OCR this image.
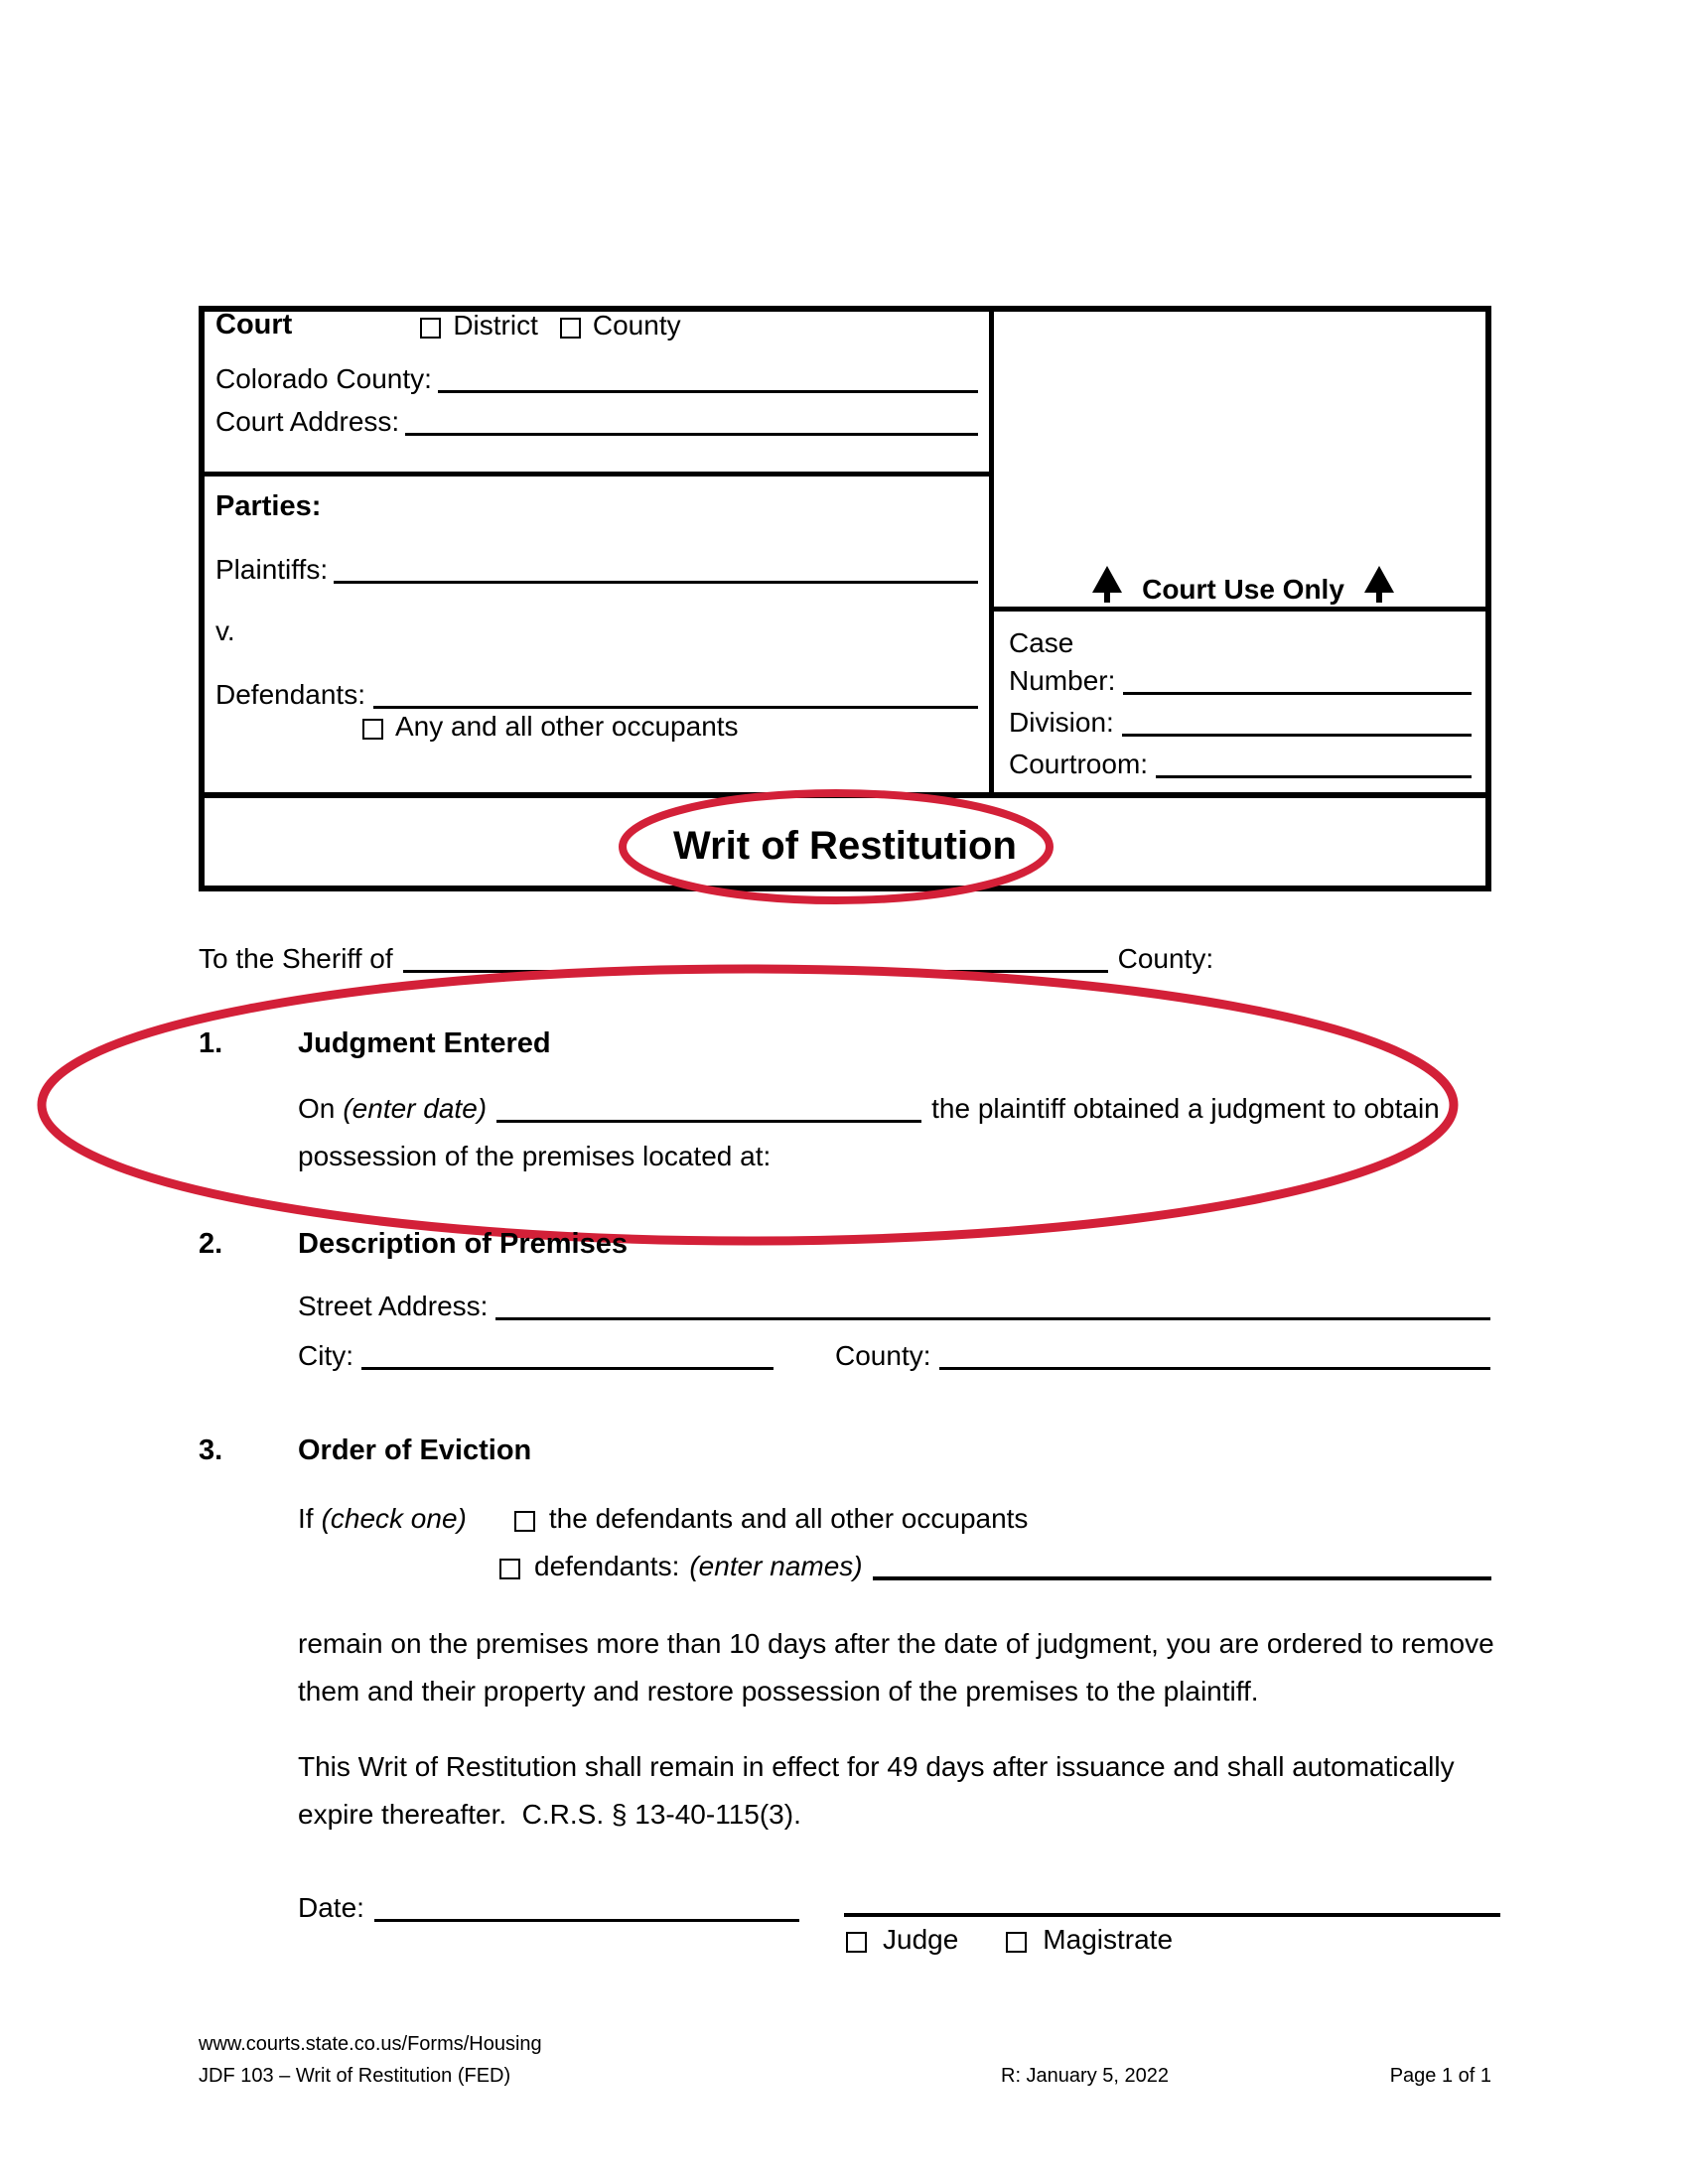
Court	District County
Colorado County:
Court Address:
Parties:
Plaintiffs:
v.
Defendants:
Any and all other occupants
Court Use Only
Case
Number:
Division:
Courtroom:
Writ of Restitution
To the Sheriff of	County:
1.	Judgment Entered
On (enter date)	the plaintiff obtained a judgment to obtain
possession of the premises located at:
2.	Description of Premises
Street Address:
City:	County:
3.	Order of Eviction
If (check one)	the defendants and all other occupants
defendants: (enter names)
remain on the premises more than 10 days after the date of judgment, you are ordered to remove
them and their property and restore possession of the premises to the plaintiff.
This Writ of Restitution shall remain in effect for 49 days after issuance and shall automatically
expire thereafter.  C.R.S. § 13-40-115(3).
Date:
Judge	Magistrate
www.courts.state.co.us/Forms/Housing
JDF 103 – Writ of Restitution (FED)	R: January 5, 2022	Page 1 of 1
